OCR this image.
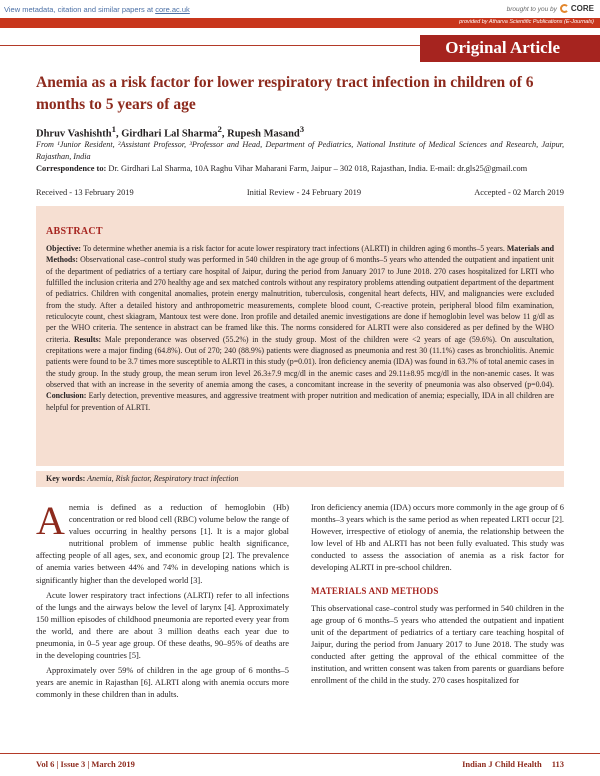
View metadata, citation and similar papers at core.ac.uk	brought to you by CORE
provided by Atharva Scientific Publications (E-Journals)
Original Article
Anemia as a risk factor for lower respiratory tract infection in children of 6 months to 5 years of age
Dhruv Vashishth$^1$, Girdhari Lal Sharma$^2$, Rupesh Masand$^3$
From ¹Junior Resident, ²Assistant Professor, ³Professor and Head, Department of Pediatrics, National Institute of Medical Sciences and Research, Jaipur, Rajasthan, India
Correspondence to: Dr. Girdhari Lal Sharma, 10A Raghu Vihar Maharani Farm, Jaipur – 302 018, Rajasthan, India. E-mail: dr.gls25@gmail.com
Received - 13 February 2019	Initial Review - 24 February 2019	Accepted - 02 March 2019
ABSTRACT
Objective: To determine whether anemia is a risk factor for acute lower respiratory tract infections (ALRTI) in children aging 6 months–5 years. Materials and Methods: Observational case–control study was performed in 540 children in the age group of 6 months–5 years who attended the outpatient and inpatient unit of the department of pediatrics of a tertiary care hospital of Jaipur, during the period from January 2017 to June 2018. 270 cases hospitalized for LRTI who fulfilled the inclusion criteria and 270 healthy age and sex matched controls without any respiratory problems attending outpatient department of the department of pediatrics. Children with congenital anomalies, protein energy malnutrition, tuberculosis, congenital heart defects, HIV, and malignancies were excluded from the study. After a detailed history and anthropometric measurements, complete blood count, C-reactive protein, peripheral blood film examination, reticulocyte count, chest skiagram, Mantoux test were done. Iron profile and detailed anemic investigations are done if hemoglobin level was below 11 g/dl as per the WHO criteria. The sentence in abstract can be framed like this. The norms considered for ALRTI were also considered as per defined by the WHO criteria. Results: Male preponderance was observed (55.2%) in the study group. Most of the children were <2 years of age (59.6%). On auscultation, crepitations were a major finding (64.8%). Out of 270; 240 (88.9%) patients were diagnosed as pneumonia and rest 30 (11.1%) cases as bronchiolitis. Anemic patients were found to be 3.7 times more susceptible to ALRTI in this study (p=0.01). Iron deficiency anemia (IDA) was found in 63.7% of total anemic cases in the study group. In the study group, the mean serum iron level 26.3±7.9 mcg/dl in the anemic cases and 29.11±8.95 mcg/dl in the non-anemic cases. It was observed that with an increase in the severity of anemia among the cases, a concomitant increase in the severity of pneumonia was also observed (p=0.04). Conclusion: Early detection, preventive measures, and aggressive treatment with proper nutrition and medication of anemia; especially, IDA in all children are helpful for prevention of ALRTI.
Key words: Anemia, Risk factor, Respiratory tract infection

Anemia is defined as a reduction of hemoglobin (Hb) concentration or red blood cell (RBC) volume below the range of values occurring in healthy persons [1]. It is a major global nutritional problem of immense public health significance, affecting people of all ages, sex, and economic group [2]. The prevalence of anemia varies between 44% and 74% in developing nations which is significantly higher than the developed world [3].

Acute lower respiratory tract infections (ALRTI) refer to all infections of the lungs and the airways below the level of larynx [4]. Approximately 150 million episodes of childhood pneumonia are reported every year from the world, and there are about 3 million deaths each year due to pneumonia, in 0–5 year age group. Of these deaths, 90–95% of deaths are in the developing countries [5].

Approximately over 59% of children in the age group of 6 months–5 years are anemic in Rajasthan [6]. ALRTI along with anemia occurs more commonly in these children than in adults.

Iron deficiency anemia (IDA) occurs more commonly in the age group of 6 months–3 years which is the same period as when repeated LRTI occur [2]. However, irrespective of etiology of anemia, the relationship between the low level of Hb and ALRTI has not been fully evaluated. This study was conducted to assess the association of anemia as a risk factor for developing ALRTI in pre-school children.

MATERIALS AND METHODS

This observational case–control study was performed in 540 children in the age group of 6 months–5 years who attended the outpatient and inpatient unit of the department of pediatrics of a tertiary care teaching hospital of Jaipur, during the period from January 2017 to June 2018. The study was conducted after getting the approval of the ethical committee of the institution, and written consent was taken from parents or guardians before enrollment of the child in the study. 270 cases hospitalized for

Vol 6 | Issue 3 | March 2019	Indian J Child Health 113
